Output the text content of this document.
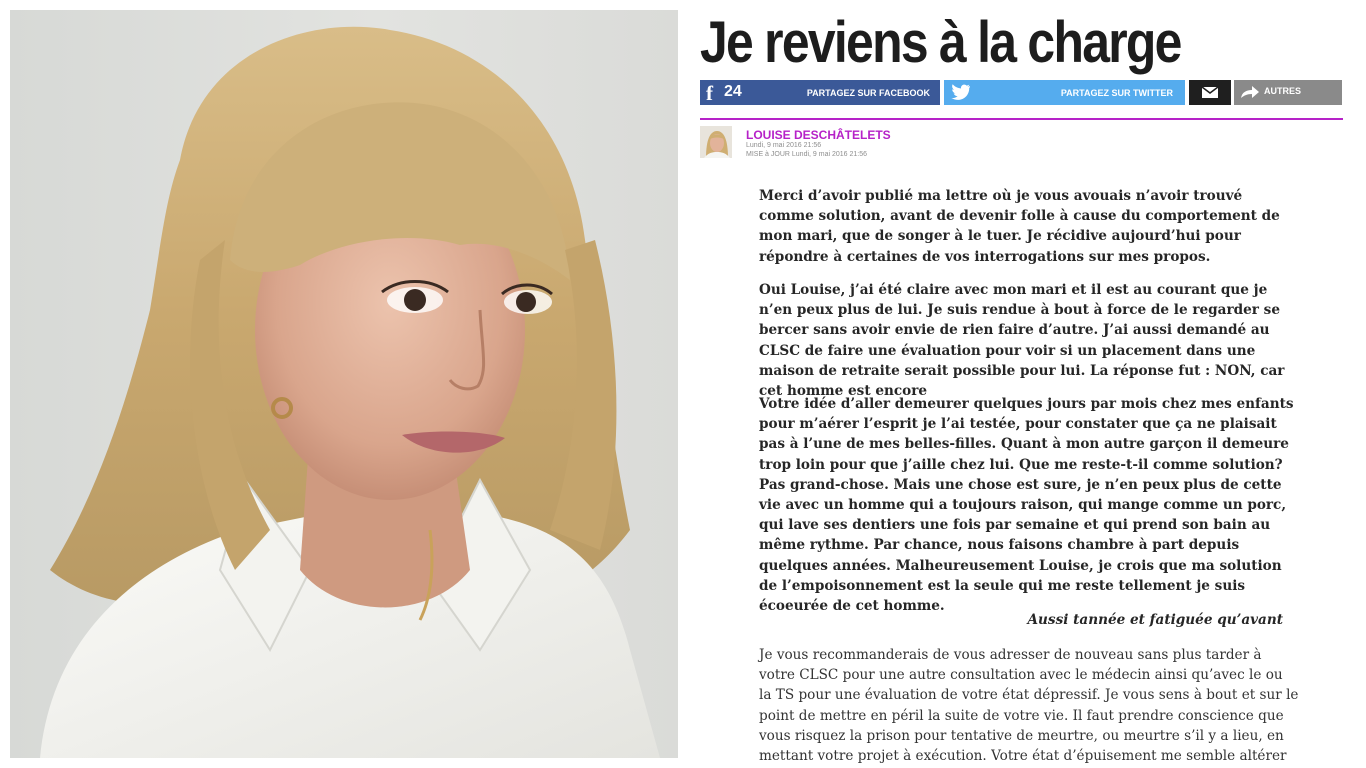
Je reviens à la charge
f 24	PARTAGEZ SUR FACEBOOK	PARTAGEZ SUR TWITTER	AUTRES
LOUISE DESCHÂTELETS
Lundi, 9 mai 2016 21:56
MISE à JOUR Lundi, 9 mai 2016 21:56

Merci d’avoir publié ma lettre où je vous avouais n’avoir trouvé comme solution, avant de devenir folle à cause du comportement de mon mari, que de songer à le tuer. Je récidive aujourd’hui pour répondre à certaines de vos interrogations sur mes propos.

Oui Louise, j’ai été claire avec mon mari et il est au courant que je n’en peux plus de lui. Je suis rendue à bout à force de le regarder se bercer sans avoir envie de rien faire d’autre. J’ai aussi demandé au CLSC de faire une évaluation pour voir si un placement dans une maison de retraite serait possible pour lui. La réponse fut : NON, car cet homme est encore

Votre idée d’aller demeurer quelques jours par mois chez mes enfants pour m’aérer l’esprit je l’ai testée, pour constater que ça ne plaisait pas à l’une de mes belles-filles. Quant à mon autre garçon il demeure trop loin pour que j’aille chez lui. Que me reste-t-il comme solution? Pas grand-chose. Mais une chose est sure, je n’en peux plus de cette vie avec un homme qui a toujours raison, qui mange comme un porc, qui lave ses dentiers une fois par semaine et qui prend son bain au même rythme. Par chance, nous faisons chambre à part depuis quelques années. Malheureusement Louise, je crois que ma solution de l’empoisonnement est la seule qui me reste tellement je suis écoeurée de cet homme.

Aussi tannée et fatiguée qu’avant

Je vous recommanderais de vous adresser de nouveau sans plus tarder à votre CLSC pour une autre consultation avec le médecin ainsi qu’avec le ou la TS pour une évaluation de votre état dépressif. Je vous sens à bout et sur le point de mettre en péril la suite de votre vie. Il faut prendre conscience que vous risquez la prison pour tentative de meurtre, ou meurtre s’il y a lieu, en mettant votre projet à exécution. Votre état d’épuisement me semble altérer
